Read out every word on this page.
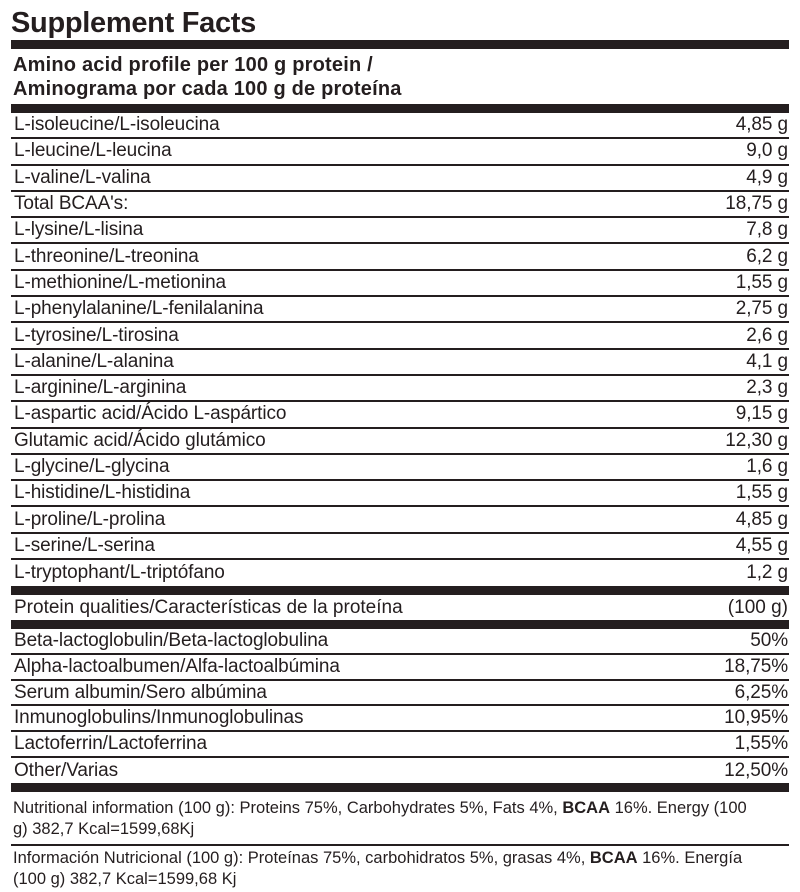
Supplement Facts
Amino acid profile per 100 g protein /
Aminograma por cada 100 g de proteína
L-isoleucine/L-isoleucina	4,85 g
L-leucine/L-leucina	9,0 g
L-valine/L-valina	4,9 g
Total BCAA's:	18,75 g
L-lysine/L-lisina	7,8 g
L-threonine/L-treonina	6,2 g
L-methionine/L-metionina	1,55 g
L-phenylalanine/L-fenilalanina	2,75 g
L-tyrosine/L-tirosina	2,6 g
L-alanine/L-alanina	4,1 g
L-arginine/L-arginina	2,3 g
L-aspartic acid/Ácido L-aspártico	9,15 g
Glutamic acid/Ácido glutámico	12,30 g
L-glycine/L-glycina	1,6 g
L-histidine/L-histidina	1,55 g
L-proline/L-prolina	4,85 g
L-serine/L-serina	4,55 g
L-tryptophant/L-triptófano	1,2 g
Protein qualities/Características de la proteína	(100 g)
Beta-lactoglobulin/Beta-lactoglobulina	50%
Alpha-lactoalbumen/Alfa-lactoalbúmina	18,75%
Serum albumin/Sero albúmina	6,25%
Inmunoglobulins/Inmunoglobulinas	10,95%
Lactoferrin/Lactoferrina	1,55%
Other/Varias	12,50%
Nutritional information (100 g): Proteins 75%, Carbohydrates 5%, Fats 4%, BCAA 16%. Energy (100
g) 382,7 Kcal=1599,68Kj
Información Nutricional (100 g): Proteínas 75%, carbohidratos 5%, grasas 4%, BCAA 16%. Energía
(100 g) 382,7 Kcal=1599,68 Kj
